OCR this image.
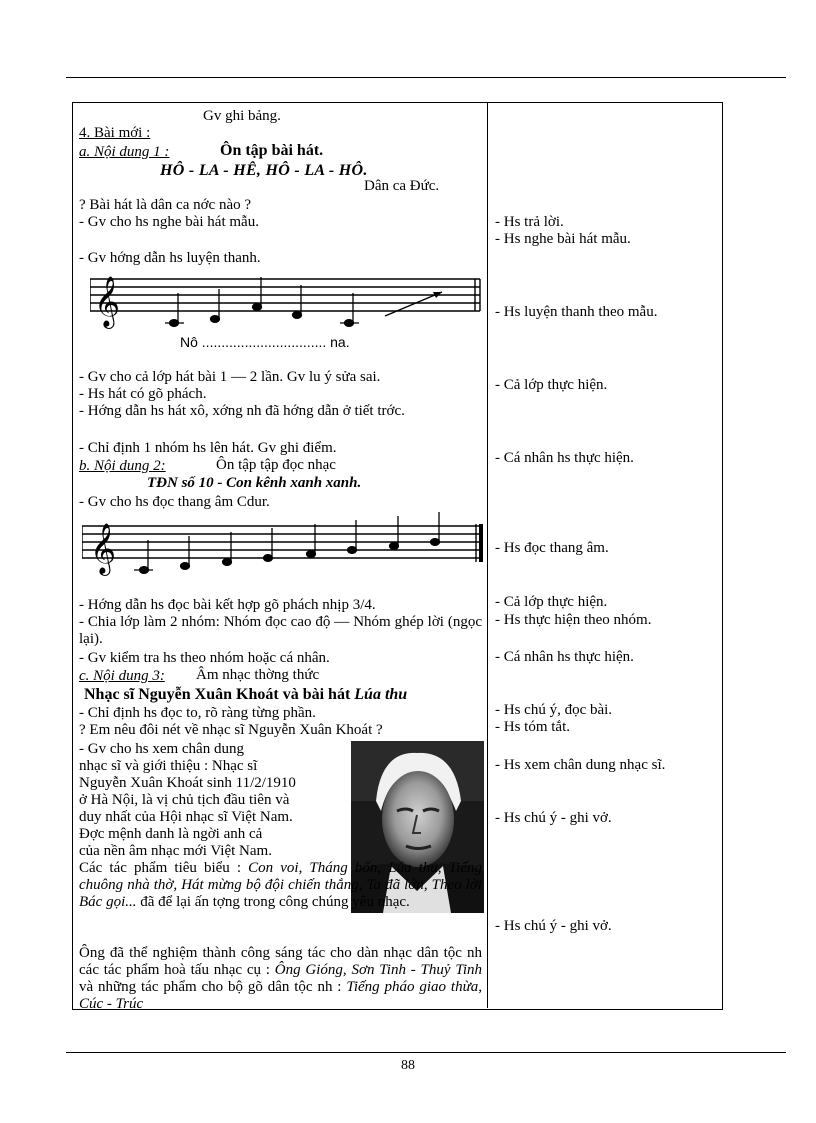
Gv ghi bảng.
4. Bài mới :
a. Nội dung 1 :	Ôn tập bài hát.
HÔ - LA - HÊ, HÔ - LA - HÔ.
Dân ca Đức.
? Bài hát là dân ca nớc nào ?
- Gv cho hs nghe bài hát mẫu.
- Gv hớng dẫn hs luyện thanh.
𝄞
Nô ................................ na.
- Gv cho cả lớp hát bài 1 — 2 lần. Gv lu ý sửa sai.
- Hs hát có gõ phách.
- Hớng dẫn hs hát xô, xớng nh đã hớng dẫn ở tiết trớc.
- Chỉ định 1 nhóm hs lên hát. Gv ghi điểm.
b. Nội dung 2:	Ôn tập tập đọc nhạc
TĐN số 10 - Con kênh xanh xanh.
- Gv cho hs đọc thang âm Cdur.
𝄞
- Hớng dẫn hs đọc bài kết hợp gõ phách nhịp 3/4.
- Chia lớp làm 2 nhóm: Nhóm đọc cao độ — Nhóm ghép lời (ngọc lại).
- Gv kiểm tra hs theo nhóm hoặc cá nhân.
c. Nội dung 3: Âm nhạc thờng thức
Nhạc sĩ Nguyễn Xuân Khoát và bài hát Lúa thu
- Chỉ định hs đọc to, rõ ràng từng phần.
? Em nêu đôi nét về nhạc sĩ Nguyễn Xuân Khoát ?
- Gv cho hs xem chân dung
nhạc sĩ và giới thiệu : Nhạc sĩ
Nguyễn Xuân Khoát sinh 11/2/1910
ở Hà Nội, là vị chủ tịch đầu tiên và
duy nhất của Hội nhạc sĩ Việt Nam.
Đợc mệnh danh là ngời anh cả
của nền âm nhạc mới Việt Nam.
Các tác phẩm tiêu biểu : Con voi, Tháng bốn, Lúa thu, Tiếng chuông nhà thờ, Hát mừng bộ đội chiến thắng, Ta đã lớn, Theo lời Bác gọi... đã để lại ấn tợng trong công chúng yêu nhạc.
Ông đã thể nghiệm thành công sáng tác cho dàn nhạc dân tộc nh các tác phẩm hoà tấu nhạc cụ : Ông Gióng, Sơn Tinh - Thuỷ Tinh và những tác phẩm cho bộ gõ dân tộc nh : Tiếng pháo giao thừa, Cúc - Trúc
- Hs trả lời.
- Hs nghe bài hát mẫu.
- Hs luyện thanh theo mẫu.
- Cả lớp thực hiện.
- Cá nhân hs thực hiện.
- Hs đọc thang âm.
- Cả lớp thực hiện.
- Hs thực hiện theo nhóm.
- Cá nhân hs thực hiện.
- Hs chú ý, đọc bài.
- Hs tóm tắt.
- Hs xem chân dung nhạc sĩ.
- Hs chú ý - ghi vở.
- Hs chú ý - ghi vở.
88
